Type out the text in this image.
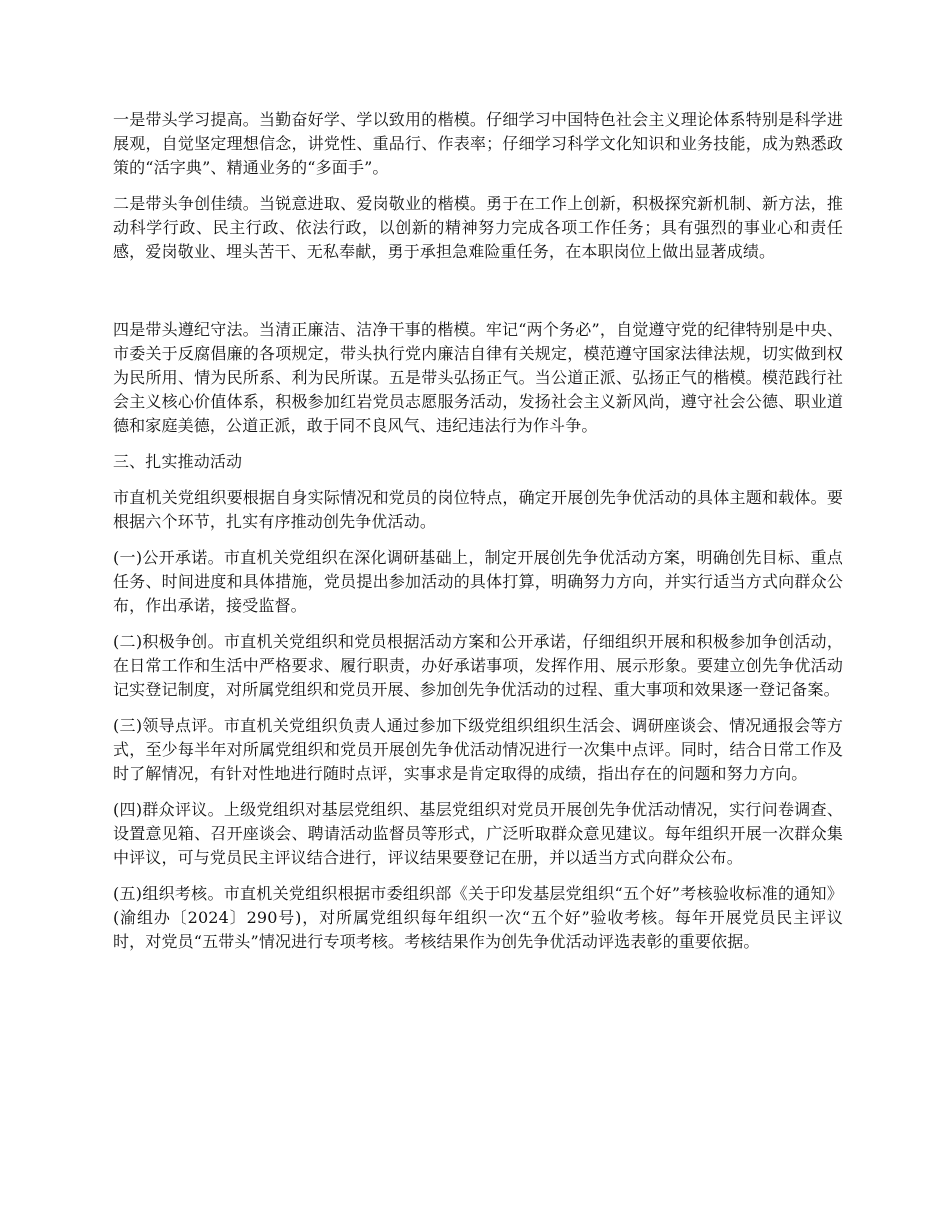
一是带头学习提高。当勤奋好学、学以致用的楷模。仔细学习中国特色社会主义理论体系特别是科学进展观，自觉坚定理想信念，讲党性、重品行、作表率；仔细学习科学文化知识和业务技能，成为熟悉政策的“活字典”、精通业务的“多面手”。

二是带头争创佳绩。当锐意进取、爱岗敬业的楷模。勇于在工作上创新，积极探究新机制、新方法，推动科学行政、民主行政、依法行政，以创新的精神努力完成各项工作任务；具有强烈的事业心和责任感，爱岗敬业、埋头苦干、无私奉献，勇于承担急难险重任务，在本职岗位上做出显著成绩。

四是带头遵纪守法。当清正廉洁、洁净干事的楷模。牢记“两个务必”，自觉遵守党的纪律特别是中央、市委关于反腐倡廉的各项规定，带头执行党内廉洁自律有关规定，模范遵守国家法律法规，切实做到权为民所用、情为民所系、利为民所谋。五是带头弘扬正气。当公道正派、弘扬正气的楷模。模范践行社会主义核心价值体系，积极参加红岩党员志愿服务活动，发扬社会主义新风尚，遵守社会公德、职业道德和家庭美德，公道正派，敢于同不良风气、违纪违法行为作斗争。

三、扎实推动活动

市直机关党组织要根据自身实际情况和党员的岗位特点，确定开展创先争优活动的具体主题和载体。要根据六个环节，扎实有序推动创先争优活动。

(一)公开承诺。市直机关党组织在深化调研基础上，制定开展创先争优活动方案，明确创先目标、重点任务、时间进度和具体措施，党员提出参加活动的具体打算，明确努力方向，并实行适当方式向群众公布，作出承诺，接受监督。

(二)积极争创。市直机关党组织和党员根据活动方案和公开承诺，仔细组织开展和积极参加争创活动，在日常工作和生活中严格要求、履行职责，办好承诺事项，发挥作用、展示形象。要建立创先争优活动记实登记制度，对所属党组织和党员开展、参加创先争优活动的过程、重大事项和效果逐一登记备案。

(三)领导点评。市直机关党组织负责人通过参加下级党组织组织生活会、调研座谈会、情况通报会等方式，至少每半年对所属党组织和党员开展创先争优活动情况进行一次集中点评。同时，结合日常工作及时了解情况，有针对性地进行随时点评，实事求是肯定取得的成绩，指出存在的问题和努力方向。

(四)群众评议。上级党组织对基层党组织、基层党组织对党员开展创先争优活动情况，实行问卷调查、设置意见箱、召开座谈会、聘请活动监督员等形式，广泛听取群众意见建议。每年组织开展一次群众集中评议，可与党员民主评议结合进行，评议结果要登记在册，并以适当方式向群众公布。

(五)组织考核。市直机关党组织根据市委组织部《关于印发基层党组织“五个好”考核验收标准的通知》(渝组办〔2024〕290号)，对所属党组织每年组织一次“五个好”验收考核。每年开展党员民主评议时，对党员“五带头”情况进行专项考核。考核结果作为创先争优活动评选表彰的重要依据。
